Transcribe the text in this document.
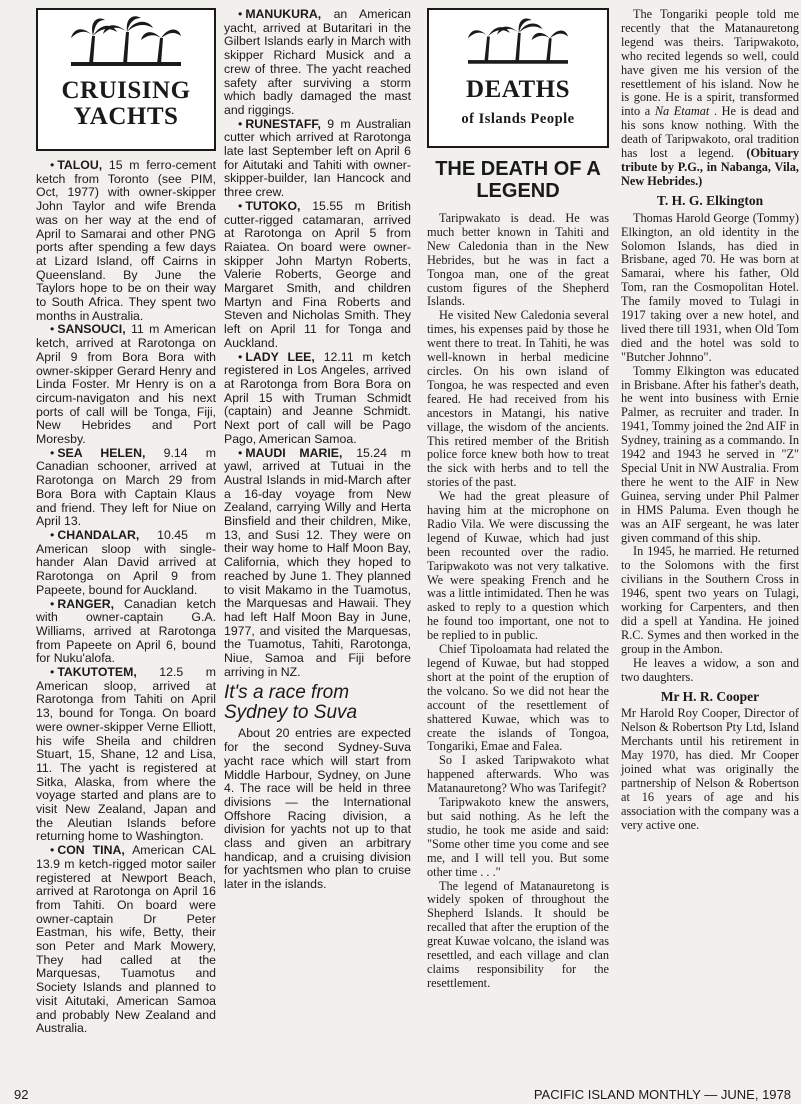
CRUISING
YACHTS

• TALOU, 15 m ferro-cement ketch from Toronto (see PIM, Oct, 1977) with owner-skipper John Taylor and wife Brenda was on her way at the end of April to Samarai and other PNG ports after spending a few days at Lizard Island, off Cairns in Queensland. By June the Taylors hope to be on their way to South Africa. They spent two months in Australia.

• SANSOUCI, 11 m American ketch, arrived at Rarotonga on April 9 from Bora Bora with owner-skipper Gerard Henry and Linda Foster. Mr Henry is on a circum-navigaton and his next ports of call will be Tonga, Fiji, New Hebrides and Port Moresby.

• SEA HELEN, 9.14 m Canadian schooner, arrived at Rarotonga on March 29 from Bora Bora with Captain Klaus and friend. They left for Niue on April 13.

• CHANDALAR, 10.45 m American sloop with single-hander Alan David arrived at Rarotonga on April 9 from Papeete, bound for Auckland.

• RANGER, Canadian ketch with owner-captain G.A. Williams, arrived at Rarotonga from Papeete on April 6, bound for Nuku'alofa.

• TAKUTOTEM, 12.5 m American sloop, arrived at Rarotonga from Tahiti on April 13, bound for Tonga. On board were owner-skipper Verne Elliott, his wife Sheila and children Stuart, 15, Shane, 12 and Lisa, 11. The yacht is registered at Sitka, Alaska, from where the voyage started and plans are to visit New Zealand, Japan and the Aleutian Islands before returning home to Washington.

• CON TINA, American CAL 13.9 m ketch-rigged motor sailer registered at Newport Beach, arrived at Rarotonga on April 16 from Tahiti. On board were owner-captain Dr Peter Eastman, his wife, Betty, their son Peter and Mark Mowery, They had called at the Marquesas, Tuamotus and Society Islands and planned to visit Aitutaki, American Samoa and probably New Zealand and Australia.

• MANUKURA, an American yacht, arrived at Butaritari in the Gilbert Islands early in March with skipper Richard Musick and a crew of three. The yacht reached safety after surviving a storm which badly damaged the mast and riggings.

• RUNESTAFF, 9 m Australian cutter which arrived at Rarotonga late last September left on April 6 for Aitutaki and Tahiti with owner-skipper-builder, Ian Hancock and three crew.

• TUTOKO, 15.55 m British cutter-rigged catamaran, arrived at Rarotonga on April 5 from Raiatea. On board were owner-skipper John Martyn Roberts, Valerie Roberts, George and Margaret Smith, and children Martyn and Fina Roberts and Steven and Nicholas Smith. They left on April 11 for Tonga and Auckland.

• LADY LEE, 12.11 m ketch registered in Los Angeles, arrived at Rarotonga from Bora Bora on April 15 with Truman Schmidt (captain) and Jeanne Schmidt. Next port of call will be Pago Pago, American Samoa.

• MAUDI MARIE, 15.24 m yawl, arrived at Tutuai in the Austral Islands in mid-March after a 16-day voyage from New Zealand, carrying Willy and Herta Binsfield and their children, Mike, 13, and Susi 12. They were on their way home to Half Moon Bay, California, which they hoped to reached by June 1. They planned to visit Makamo in the Tuamotus, the Marquesas and Hawaii. They had left Half Moon Bay in June, 1977, and visited the Marquesas, the Tuamotus, Tahiti, Rarotonga, Niue, Samoa and Fiji before arriving in NZ.

It's a race from Sydney to Suva

About 20 entries are expected for the second Sydney-Suva yacht race which will start from Middle Harbour, Sydney, on June 4. The race will be held in three divisions — the International Offshore Racing division, a division for yachts not up to that class and given an arbitrary handicap, and a cruising division for yachtsmen who plan to cruise later in the islands.

DEATHS
of Islands People
THE DEATH OF A LEGEND

Taripwakato is dead. He was much better known in Tahiti and New Caledonia than in the New Hebrides, but he was in fact a Tongoa man, one of the great custom figures of the Shepherd Islands.

He visited New Caledonia several times, his expenses paid by those he went there to treat. In Tahiti, he was well-known in herbal medicine circles. On his own island of Tongoa, he was respected and even feared. He had received from his ancestors in Matangi, his native village, the wisdom of the ancients. This retired member of the British police force knew both how to treat the sick with herbs and to tell the stories of the past.

We had the great pleasure of having him at the microphone on Radio Vila. We were discussing the legend of Kuwae, which had just been recounted over the radio. Taripwakoto was not very talkative. We were speaking French and he was a little intimidated. Then he was asked to reply to a question which he found too important, one not to be replied to in public.

Chief Tipoloamata had related the legend of Kuwae, but had stopped short at the point of the eruption of the volcano. So we did not hear the account of the resettlement of shattered Kuwae, which was to create the islands of Tongoa, Tongariki, Emae and Falea.

So I asked Taripwakoto what happened afterwards. Who was Matanauretong? Who was Tarifegit?

Taripwakoto knew the answers, but said nothing. As he left the studio, he took me aside and said: "Some other time you come and see me, and I will tell you. But some other time . . ."

The legend of Matanauretong is widely spoken of throughout the Shepherd Islands. It should be recalled that after the eruption of the great Kuwae volcano, the island was resettled, and each village and clan claims responsibility for the resettlement.

The Tongariki people told me recently that the Matanauretong legend was theirs. Taripwakoto, who recited legends so well, could have given me his version of the resettlement of his island. Now he is gone. He is a spirit, transformed into a Na Etamat . He is dead and his sons know nothing. With the death of Taripwakoto, oral tradition has lost a legend. (Obituary tribute by P.G., in Nabanga, Vila, New Hebrides.)

T. H. G. Elkington

Thomas Harold George (Tommy) Elkington, an old identity in the Solomon Islands, has died in Brisbane, aged 70. He was born at Samarai, where his father, Old Tom, ran the Cosmopolitan Hotel. The family moved to Tulagi in 1917 taking over a new hotel, and lived there till 1931, when Old Tom died and the hotel was sold to "Butcher Johnno".

Tommy Elkington was educated in Brisbane. After his father's death, he went into business with Ernie Palmer, as recruiter and trader. In 1941, Tommy joined the 2nd AIF in Sydney, training as a commando. In 1942 and 1943 he served in "Z" Special Unit in NW Australia. From there he went to the AIF in New Guinea, serving under Phil Palmer in HMS Paluma. Even though he was an AIF sergeant, he was later given command of this ship.

In 1945, he married. He returned to the Solomons with the first civilians in the Southern Cross in 1946, spent two years on Tulagi, working for Carpenters, and then did a spell at Yandina. He joined R.C. Symes and then worked in the group in the Ambon.

He leaves a widow, a son and two daughters.

Mr H. R. Cooper

Mr Harold Roy Cooper, Director of Nelson & Robertson Pty Ltd, Island Merchants until his retirement in May 1970, has died. Mr Cooper joined what was originally the partnership of Nelson & Robertson at 16 years of age and his association with the company was a very active one.

92	PACIFIC ISLAND MONTHLY — JUNE, 1978
